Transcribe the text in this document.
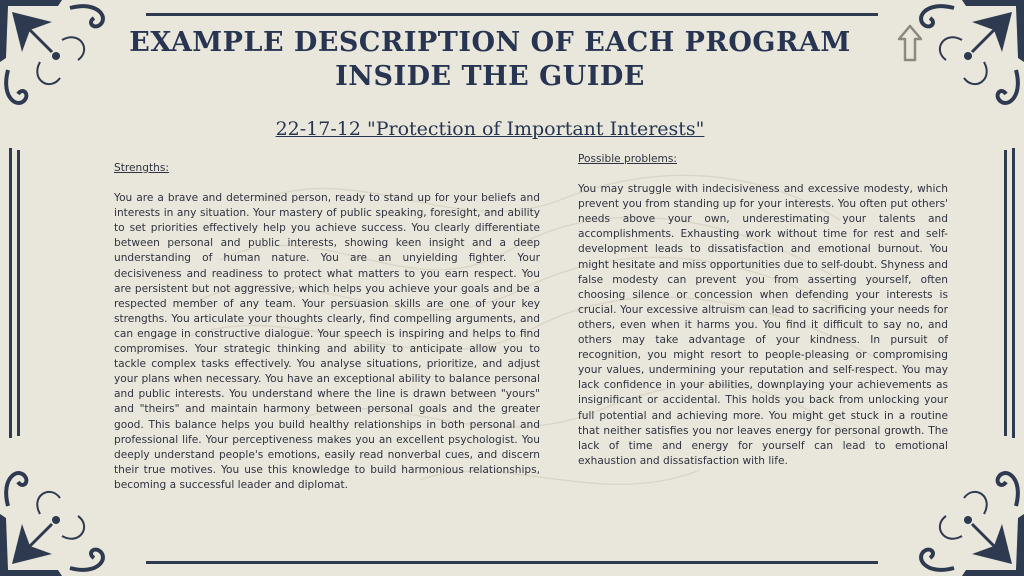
EXAMPLE DESCRIPTION OF EACH PROGRAM
INSIDE THE GUIDE
22-17-12 "Protection of Important Interests"
Strengths:
You are a brave and determined person, ready to stand up for your beliefs and interests in any situation. Your mastery of public speaking, foresight, and ability to set priorities effectively help you achieve success. You clearly differentiate between personal and public interests, showing keen insight and a deep understanding of human nature. You are an unyielding fighter. Your decisiveness and readiness to protect what matters to you earn respect. You are persistent but not aggressive, which helps you achieve your goals and be a respected member of any team. Your persuasion skills are one of your key strengths. You articulate your thoughts clearly, find compelling arguments, and can engage in constructive dialogue. Your speech is inspiring and helps to find compromises. Your strategic thinking and ability to anticipate allow you to tackle complex tasks effectively. You analyse situations, prioritize, and adjust your plans when necessary. You have an exceptional ability to balance personal and public interests. You understand where the line is drawn between "yours" and "theirs" and maintain harmony between personal goals and the greater good. This balance helps you build healthy relationships in both personal and professional life. Your perceptiveness makes you an excellent psychologist. You deeply understand people's emotions, easily read nonverbal cues, and discern their true motives. You use this knowledge to build harmonious relationships, becoming a successful leader and diplomat.
Possible problems:
You may struggle with indecisiveness and excessive modesty, which prevent you from standing up for your interests. You often put others' needs above your own, underestimating your talents and accomplishments. Exhausting work without time for rest and self-development leads to dissatisfaction and emotional burnout. You might hesitate and miss opportunities due to self-doubt. Shyness and false modesty can prevent you from asserting yourself, often choosing silence or concession when defending your interests is crucial. Your excessive altruism can lead to sacrificing your needs for others, even when it harms you. You find it difficult to say no, and others may take advantage of your kindness. In pursuit of recognition, you might resort to people-pleasing or compromising your values, undermining your reputation and self-respect. You may lack confidence in your abilities, downplaying your achievements as insignificant or accidental. This holds you back from unlocking your full potential and achieving more. You might get stuck in a routine that neither satisfies you nor leaves energy for personal growth. The lack of time and energy for yourself can lead to emotional exhaustion and dissatisfaction with life.
